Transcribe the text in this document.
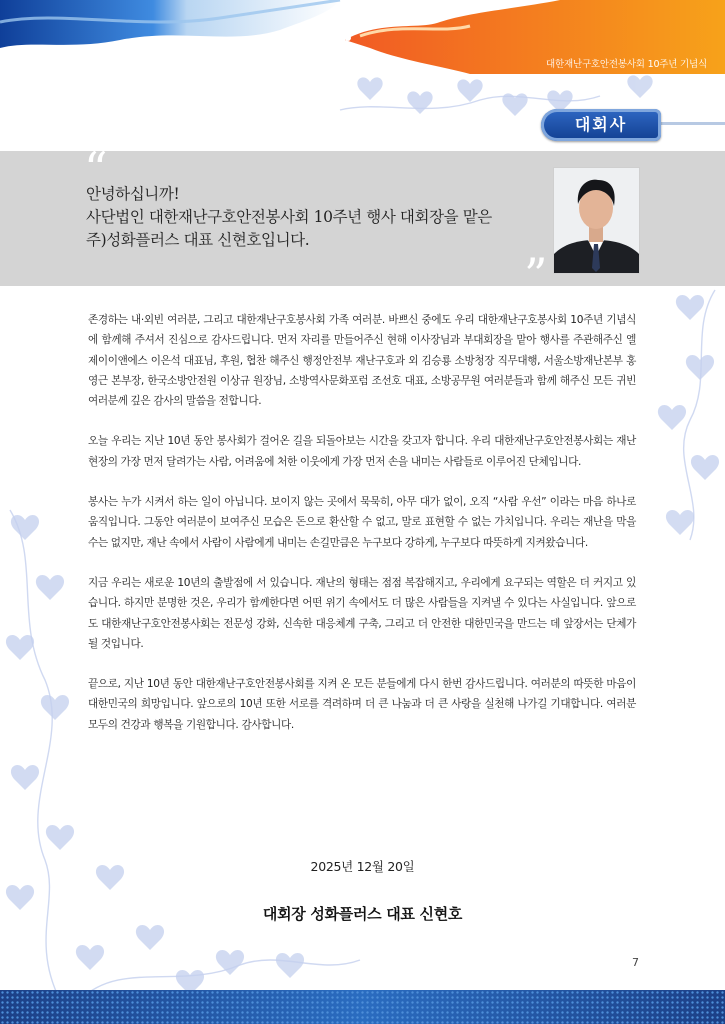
대한재난구호안전봉사회 10주년 기념식
대회사
“
”
안녕하십니까!
사단법인 대한재난구호안전봉사회 10주년 행사 대회장을 맡은
주)성화플러스 대표 신현호입니다.

존경하는 내·외빈 여러분, 그리고 대한재난구호봉사회 가족 여러분. 바쁘신 중에도 우리 대한재난구호봉사회 10주년 기념식에 함께해 주셔서 진심으로 감사드립니다. 먼저 자리를 만들어주신 현해 이사장님과 부대회장을 맡아 행사를 주관해주신 엘제이이앤에스 이은석 대표님, 후원, 협찬 해주신 행정안전부 재난구호과 외 김승룡 소방청장 직무대행, 서울소방재난본부 홍영근 본부장, 한국소방안전원 이상규 원장님, 소방역사문화포럼 조선호 대표, 소방공무원 여러분들과 함께 해주신 모든 귀빈 여러분께 깊은 감사의 말씀을 전합니다.

오늘 우리는 지난 10년 동안 봉사회가 걸어온 길을 되돌아보는 시간을 갖고자 합니다. 우리 대한재난구호안전봉사회는 재난 현장의 가장 먼저 달려가는 사람, 어려움에 처한 이웃에게 가장 먼저 손을 내미는 사람들로 이루어진 단체입니다.

봉사는 누가 시켜서 하는 일이 아닙니다. 보이지 않는 곳에서 묵묵히, 아무 대가 없이, 오직 “사람 우선” 이라는 마음 하나로 움직입니다. 그동안 여러분이 보여주신 모습은 돈으로 환산할 수 없고, 말로 표현할 수 없는 가치입니다. 우리는 재난을 막을 수는 없지만, 재난 속에서 사람이 사람에게 내미는 손길만큼은 누구보다 강하게, 누구보다 따뜻하게 지켜왔습니다.

지금 우리는 새로운 10년의 출발점에 서 있습니다. 재난의 형태는 점점 복잡해지고, 우리에게 요구되는 역할은 더 커지고 있습니다. 하지만 분명한 것은, 우리가 함께한다면 어떤 위기 속에서도 더 많은 사람들을 지켜낼 수 있다는 사실입니다. 앞으로도 대한재난구호안전봉사회는 전문성 강화, 신속한 대응체계 구축, 그리고 더 안전한 대한민국을 만드는 데 앞장서는 단체가 될 것입니다.

끝으로, 지난 10년 동안 대한재난구호안전봉사회를 지켜 온 모든 분들에게 다시 한번 감사드립니다. 여러분의 따뜻한 마음이 대한민국의 희망입니다. 앞으로의 10년 또한 서로를 격려하며 더 큰 나눔과 더 큰 사랑을 실천해 나가길 기대합니다. 여러분 모두의 건강과 행복을 기원합니다. 감사합니다.

2025년 12월 20일
대회장 성화플러스 대표 신현호
7
